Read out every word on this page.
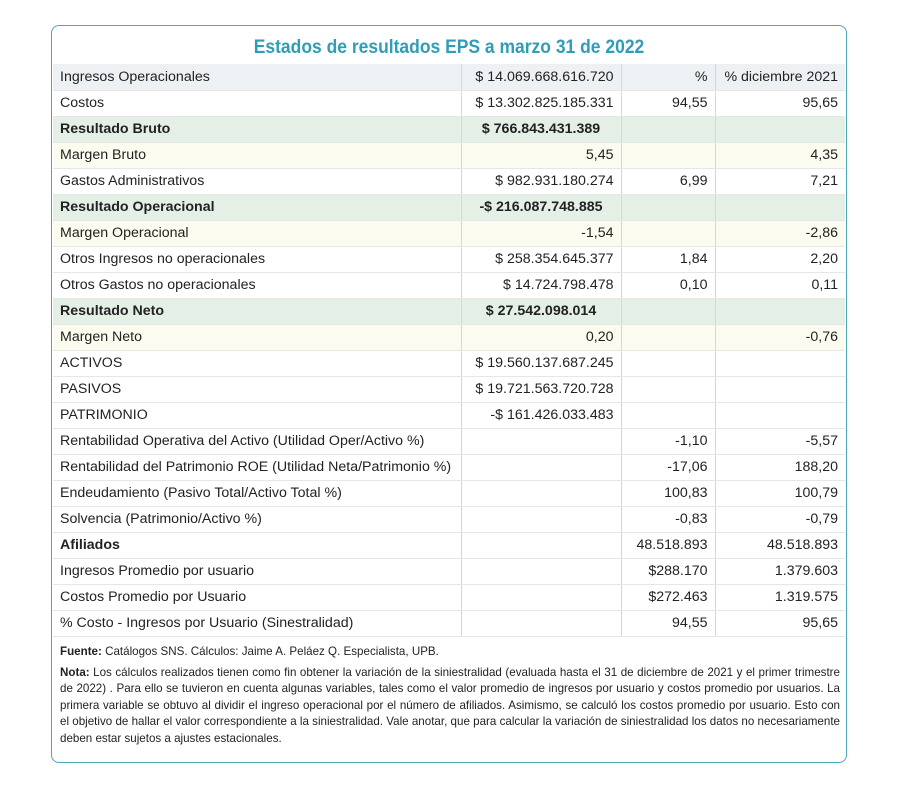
Estados de resultados EPS a marzo 31 de 2022
Ingresos Operacionales	$ 14.069.668.616.720	%	% diciembre 2021
Costos	$ 13.302.825.185.331	94,55	95,65
Resultado Bruto	$ 766.843.431.389		
Margen Bruto	5,45		4,35
Gastos Administrativos	$ 982.931.180.274	6,99	7,21
Resultado Operacional	-$ 216.087.748.885		
Margen Operacional	-1,54		-2,86
Otros Ingresos no operacionales	$ 258.354.645.377	1,84	2,20
Otros Gastos no operacionales	$ 14.724.798.478	0,10	0,11
Resultado Neto	$ 27.542.098.014		
Margen Neto	0,20		-0,76
ACTIVOS	$ 19.560.137.687.245		
PASIVOS	$ 19.721.563.720.728		
PATRIMONIO	-$ 161.426.033.483		
Rentabilidad Operativa del Activo (Utilidad Oper/Activo %)		-1,10	-5,57
Rentabilidad del Patrimonio ROE (Utilidad Neta/Patrimonio %)		-17,06	188,20
Endeudamiento (Pasivo Total/Activo Total %)		100,83	100,79
Solvencia (Patrimonio/Activo %)		-0,83	-0,79
Afiliados		48.518.893	48.518.893
Ingresos Promedio por usuario		$288.170	1.379.603
Costos Promedio por Usuario		$272.463	1.319.575
% Costo - Ingresos por Usuario (Sinestralidad)		94,55	95,65

Fuente: Catálogos SNS. Cálculos: Jaime A. Peláez Q. Especialista, UPB.

Nota: Los cálculos realizados tienen como fin obtener la variación de la siniestralidad (evaluada hasta el 31 de diciembre de 2021 y el primer trimestre de 2022) . Para ello se tuvieron en cuenta algunas variables, tales como el valor promedio de ingresos por usuario y costos promedio por usuarios. La primera variable se obtuvo al dividir el ingreso operacional por el número de afiliados. Asimismo, se calculó los costos promedio por usuario. Esto con el objetivo de hallar el valor correspondiente a la siniestralidad. Vale anotar, que para calcular la variación de siniestralidad los datos no necesariamente deben estar sujetos a ajustes estacionales.
